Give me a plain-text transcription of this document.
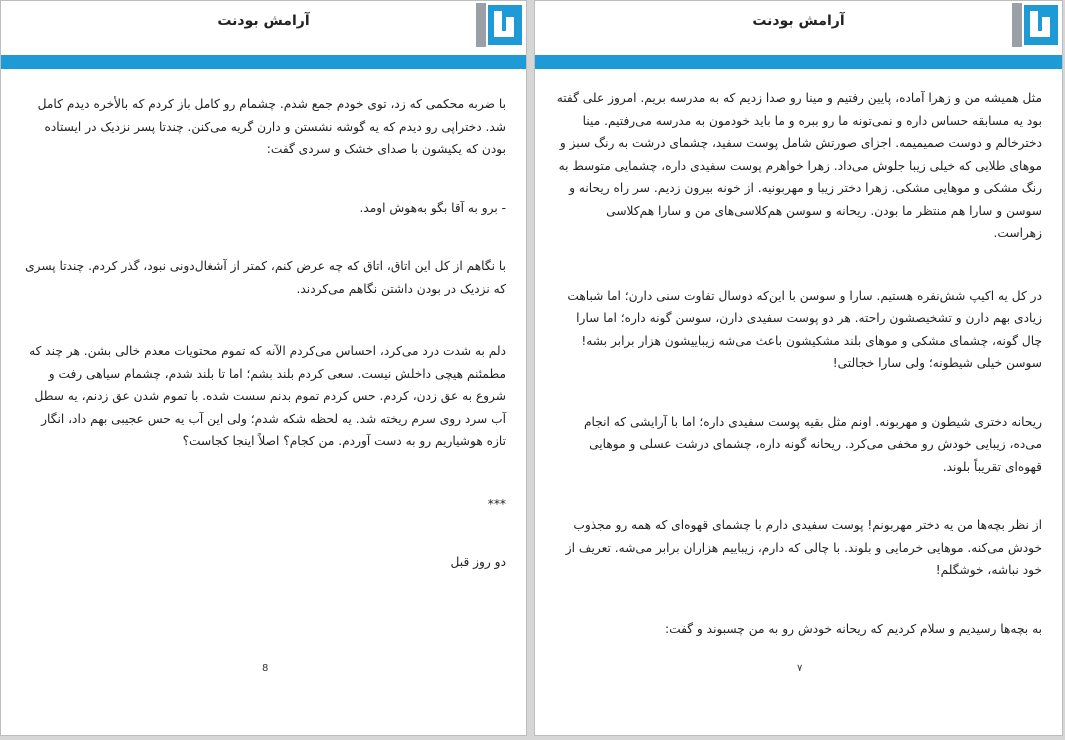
آرامش بودنت

مثل همیشه من و زهرا آماده، پایین رفتیم و مینا رو صدا زدیم که به مدرسه بریم. امروز علی گفته بود یه مسابقه حساس داره و نمی‌تونه ما رو ببره و ما باید خودمون به مدرسه می‌رفتیم. مینا دخترخالم و دوست صمیمیمه. اجزای صورتش شامل پوست سفید، چشمای درشت به رنگ سبز و موهای طلایی که خیلی زیبا جلوش می‌داد. زهرا خواهرم پوست سفیدی داره، چشمایی متوسط به رنگ مشکی و موهایی مشکی. زهرا دختر زیبا و مهربونیه. از خونه بیرون زدیم. سر راه ریحانه و سوسن و سارا هم منتظر ما بودن. ریحانه و سوسن هم‌کلاسی‌های من و سارا هم‌کلاسی زهراست.

در کل یه اکیپ شش‌نفره هستیم. سارا و سوسن با این‌که دوسال تفاوت سنی دارن؛ اما شباهت زیادی بهم دارن و تشخیصشون راحته. هر دو پوست سفیدی دارن، سوسن گونه داره؛ اما سارا چال گونه، چشمای مشکی و موهای بلند مشکیشون باعث می‌شه زیباییشون هزار برابر بشه! سوسن خیلی شیطونه؛ ولی سارا خجالتی!

ریحانه دختری شیطون و مهربونه. اونم مثل بقیه پوست سفیدی داره؛ اما با آرایشی که انجام می‌ده، زیبایی خودش رو مخفی می‌کرد. ریحانه گونه داره، چشمای درشت عسلی و موهایی قهوه‌ای تقریباً بلوند.

از نظر بچه‌ها من یه دختر مهربونم! پوست سفیدی دارم با چشمای قهوه‌ای که همه رو مجذوب خودش می‌کنه. موهایی خرمایی و بلوند. با چالی که دارم، زیباییم هزاران برابر می‌شه. تعریف از خود نباشه، خوشگلم!

به بچه‌ها رسیدیم و سلام کردیم که ریحانه خودش رو به من چسبوند و گفت:

۷
آرامش بودنت

با ضربه محکمی که زد، توی خودم جمع شدم. چشمام رو کامل باز کردم که بالأخره دیدم کامل شد. دختراپی رو دیدم که یه گوشه نشستن و دارن گریه می‌کنن. چندتا پسر نزدیک در ایستاده بودن که یکیشون با صدای خشک و سردی گفت:

- برو به آقا بگو به‌هوش اومد.

با نگاهم از کل این اتاق، اتاق که چه عرض کنم، کمتر از آشغال‌دونی نبود، گذر کردم. چندتا پسری که نزدیک در بودن داشتن نگاهم می‌کردند.

دلم به شدت درد می‌کرد، احساس می‌کردم الآنه که تموم محتویات معدم خالی بشن. هر چند که مطمئنم هیچی داخلش نیست. سعی کردم بلند بشم؛ اما تا بلند شدم، چشمام سیاهی رفت و شروع به عق زدن، کردم. حس کردم تموم بدنم سست شده. با تموم شدن عق زدنم، یه سطل آب سرد روی سرم ریخته شد. یه لحظه شکه شدم؛ ولی این آب یه حس عجیبی بهم داد، انگار تازه هوشیاریم رو به دست آوردم. من کجام؟ اصلاً اینجا کجاست؟

***

دو روز قبل

8
